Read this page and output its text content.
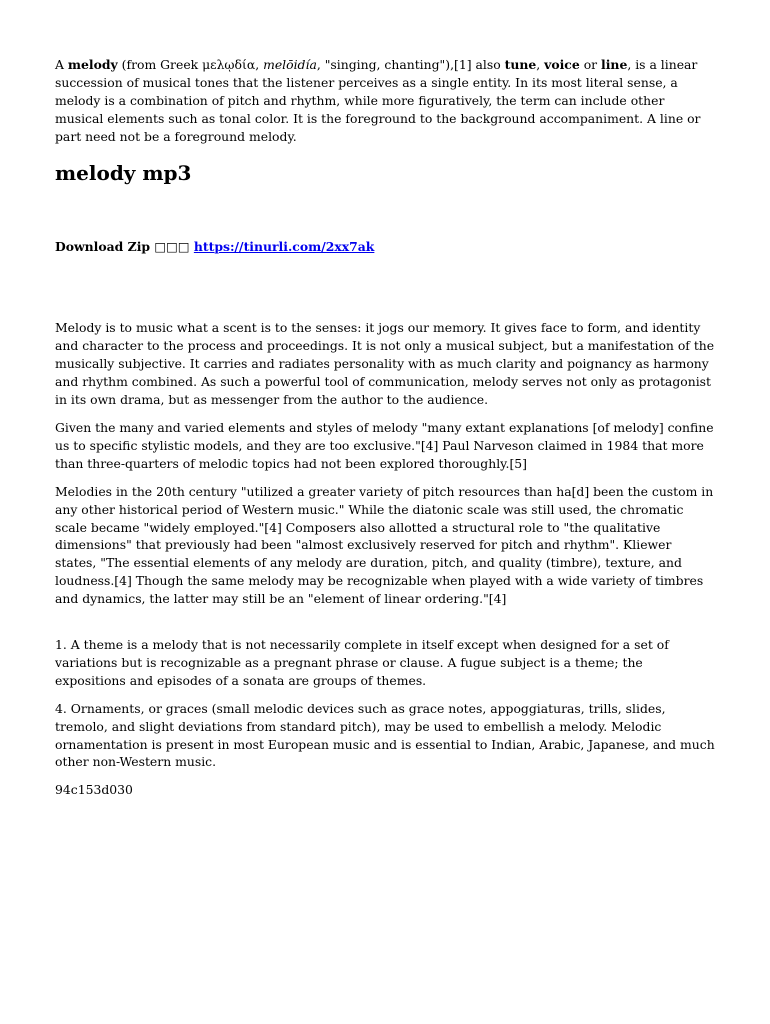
A melody (from Greek μελῳδία, melōidía, "singing, chanting"),[1] also tune, voice or line, is a linear succession of musical tones that the listener perceives as a single entity. In its most literal sense, a melody is a combination of pitch and rhythm, while more figuratively, the term can include other musical elements such as tonal color. It is the foreground to the background accompaniment. A line or part need not be a foreground melody.

melody mp3

Download Zip □□□ https://tinurli.com/2xx7ak

Melody is to music what a scent is to the senses: it jogs our memory. It gives face to form, and identity and character to the process and proceedings. It is not only a musical subject, but a manifestation of the musically subjective. It carries and radiates personality with as much clarity and poignancy as harmony and rhythm combined. As such a powerful tool of communication, melody serves not only as protagonist in its own drama, but as messenger from the author to the audience.

Given the many and varied elements and styles of melody "many extant explanations [of melody] confine us to specific stylistic models, and they are too exclusive."[4] Paul Narveson claimed in 1984 that more than three-quarters of melodic topics had not been explored thoroughly.[5]

Melodies in the 20th century "utilized a greater variety of pitch resources than ha[d] been the custom in any other historical period of Western music." While the diatonic scale was still used, the chromatic scale became "widely employed."[4] Composers also allotted a structural role to "the qualitative dimensions" that previously had been "almost exclusively reserved for pitch and rhythm". Kliewer states, "The essential elements of any melody are duration, pitch, and quality (timbre), texture, and loudness.[4] Though the same melody may be recognizable when played with a wide variety of timbres and dynamics, the latter may still be an "element of linear ordering."[4]

1. A theme is a melody that is not necessarily complete in itself except when designed for a set of variations but is recognizable as a pregnant phrase or clause. A fugue subject is a theme; the expositions and episodes of a sonata are groups of themes.

4. Ornaments, or graces (small melodic devices such as grace notes, appoggiaturas, trills, slides, tremolo, and slight deviations from standard pitch), may be used to embellish a melody. Melodic ornamentation is present in most European music and is essential to Indian, Arabic, Japanese, and much other non-Western music.

94c153d030
